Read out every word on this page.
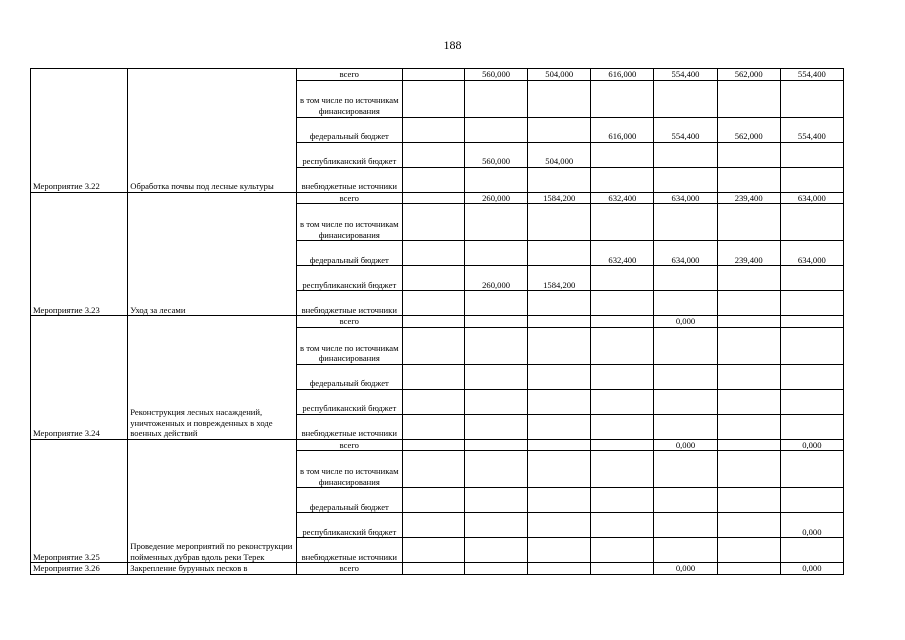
188
Мероприятие 3.22	Обработка почвы под лесные культуры	всего		560,000	504,000	616,000	554,400	562,000	554,400
		в том числе по источникам финансирования							
		федеральный бюджет				616,000	554,400	562,000	554,400
		республиканский бюджет		560,000	504,000				
		внебюджетные источники							
Мероприятие 3.23	Уход за лесами	всего		260,000	1584,200	632,400	634,000	239,400	634,000
		в том числе по источникам финансирования							
		федеральный бюджет				632,400	634,000	239,400	634,000
		республиканский бюджет		260,000	1584,200				
		внебюджетные источники							
Мероприятие 3.24	Реконструкция лесных насаждений, уничтоженных и поврежденных в ходе военных действий	всего					0,000		
		в том числе по источникам финансирования							
		федеральный бюджет							
		республиканский бюджет							
		внебюджетные источники							
Мероприятие 3.25	Проведение мероприятий по реконструкции пойменных дубрав вдоль реки Терек	всего					0,000		0,000
		в том числе по источникам финансирования							
		федеральный бюджет							
		республиканский бюджет							0,000
		внебюджетные источники							
Мероприятие 3.26	Закрепление бурунных песков в	всего					0,000		0,000
